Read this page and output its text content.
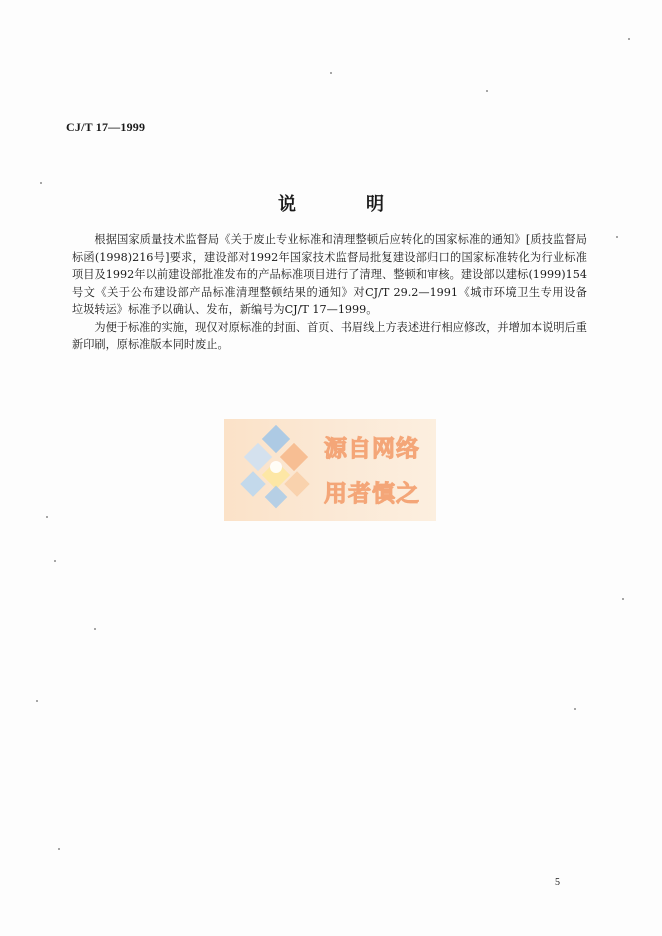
CJ/T 17—1999
说　明

根据国家质量技术监督局《关于废止专业标准和清理整顿后应转化的国家标准的通知》[质技监督局标函(1998)216号]要求，建设部对1992年国家技术监督局批复建设部归口的国家标准转化为行业标准项目及1992年以前建设部批准发布的产品标准项目进行了清理、整顿和审核。建设部以建标(1999)154号文《关于公布建设部产品标准清理整顿结果的通知》对CJ/T 29.2—1991《城市环境卫生专用设备　垃圾转运》标准予以确认、发布，新编号为CJ/T 17—1999。

为便于标准的实施，现仅对原标准的封面、首页、书眉线上方表述进行相应修改，并增加本说明后重新印刷，原标准版本同时废止。

源自网络
用者慎之
5
